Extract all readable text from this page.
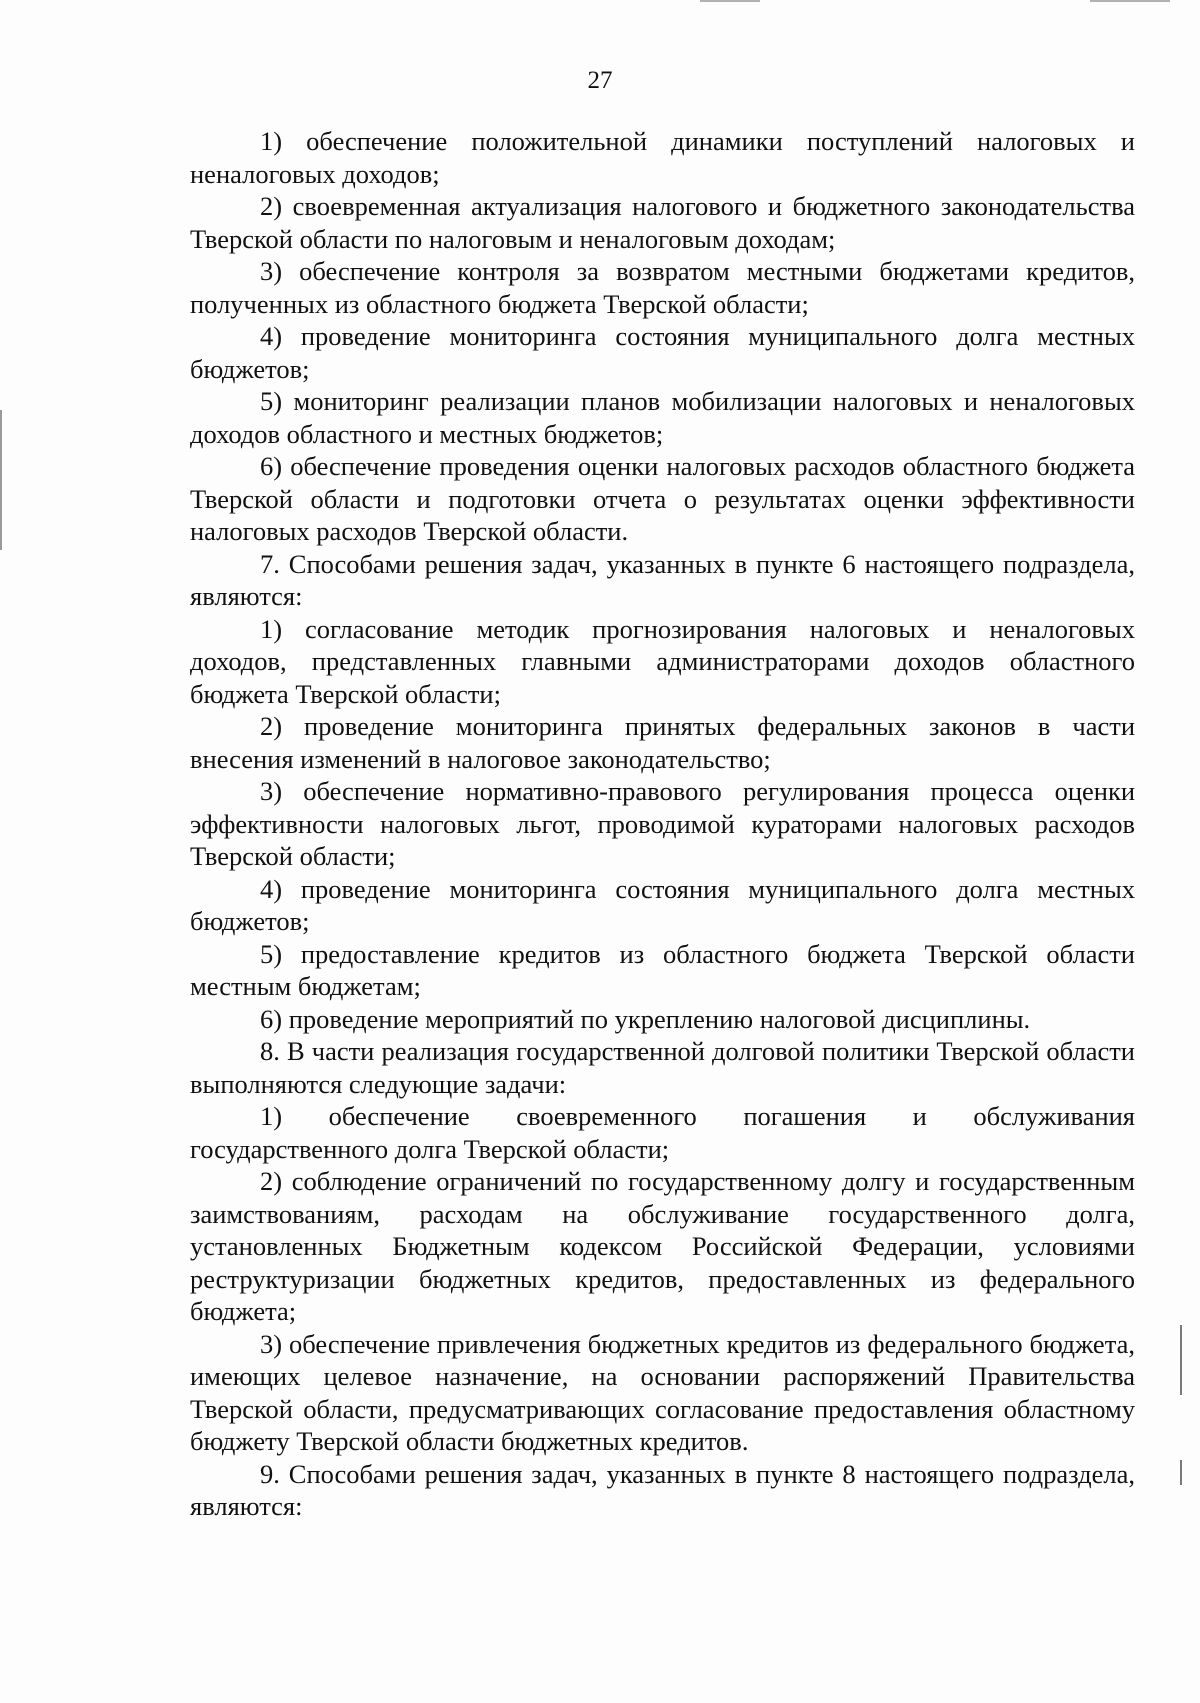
27

1) обеспечение положительной динамики поступлений налоговых и неналоговых доходов;

2) своевременная актуализация налогового и бюджетного законодательства Тверской области по налоговым и неналоговым доходам;

3) обеспечение контроля за возвратом местными бюджетами кредитов, полученных из областного бюджета Тверской области;

4) проведение мониторинга состояния муниципального долга местных бюджетов;

5) мониторинг реализации планов мобилизации налоговых и неналоговых доходов областного и местных бюджетов;

6) обеспечение проведения оценки налоговых расходов областного бюджета Тверской области и подготовки отчета о результатах оценки эффективности налоговых расходов Тверской области.

7. Способами решения задач, указанных в пункте 6 настоящего подраздела, являются:

1) согласование методик прогнозирования налоговых и неналоговых доходов, представленных главными администраторами доходов областного бюджета Тверской области;

2) проведение мониторинга принятых федеральных законов в части внесения изменений в налоговое законодательство;

3) обеспечение нормативно-правового регулирования процесса оценки эффективности налоговых льгот, проводимой кураторами налоговых расходов Тверской области;

4) проведение мониторинга состояния муниципального долга местных бюджетов;

5) предоставление кредитов из областного бюджета Тверской области местным бюджетам;

6) проведение мероприятий по укреплению налоговой дисциплины.

8. В части реализация государственной долговой политики Тверской области выполняются следующие задачи:

1) обеспечение своевременного погашения и обслуживания государственного долга Тверской области;

2) соблюдение ограничений по государственному долгу и государственным заимствованиям, расходам на обслуживание государственного долга, установленных Бюджетным кодексом Российской Федерации, условиями реструктуризации бюджетных кредитов, предоставленных из федерального бюджета;

3) обеспечение привлечения бюджетных кредитов из федерального бюджета, имеющих целевое назначение, на основании распоряжений Правительства Тверской области, предусматривающих согласование предоставления областному бюджету Тверской области бюджетных кредитов.

9. Способами решения задач, указанных в пункте 8 настоящего подраздела, являются:
